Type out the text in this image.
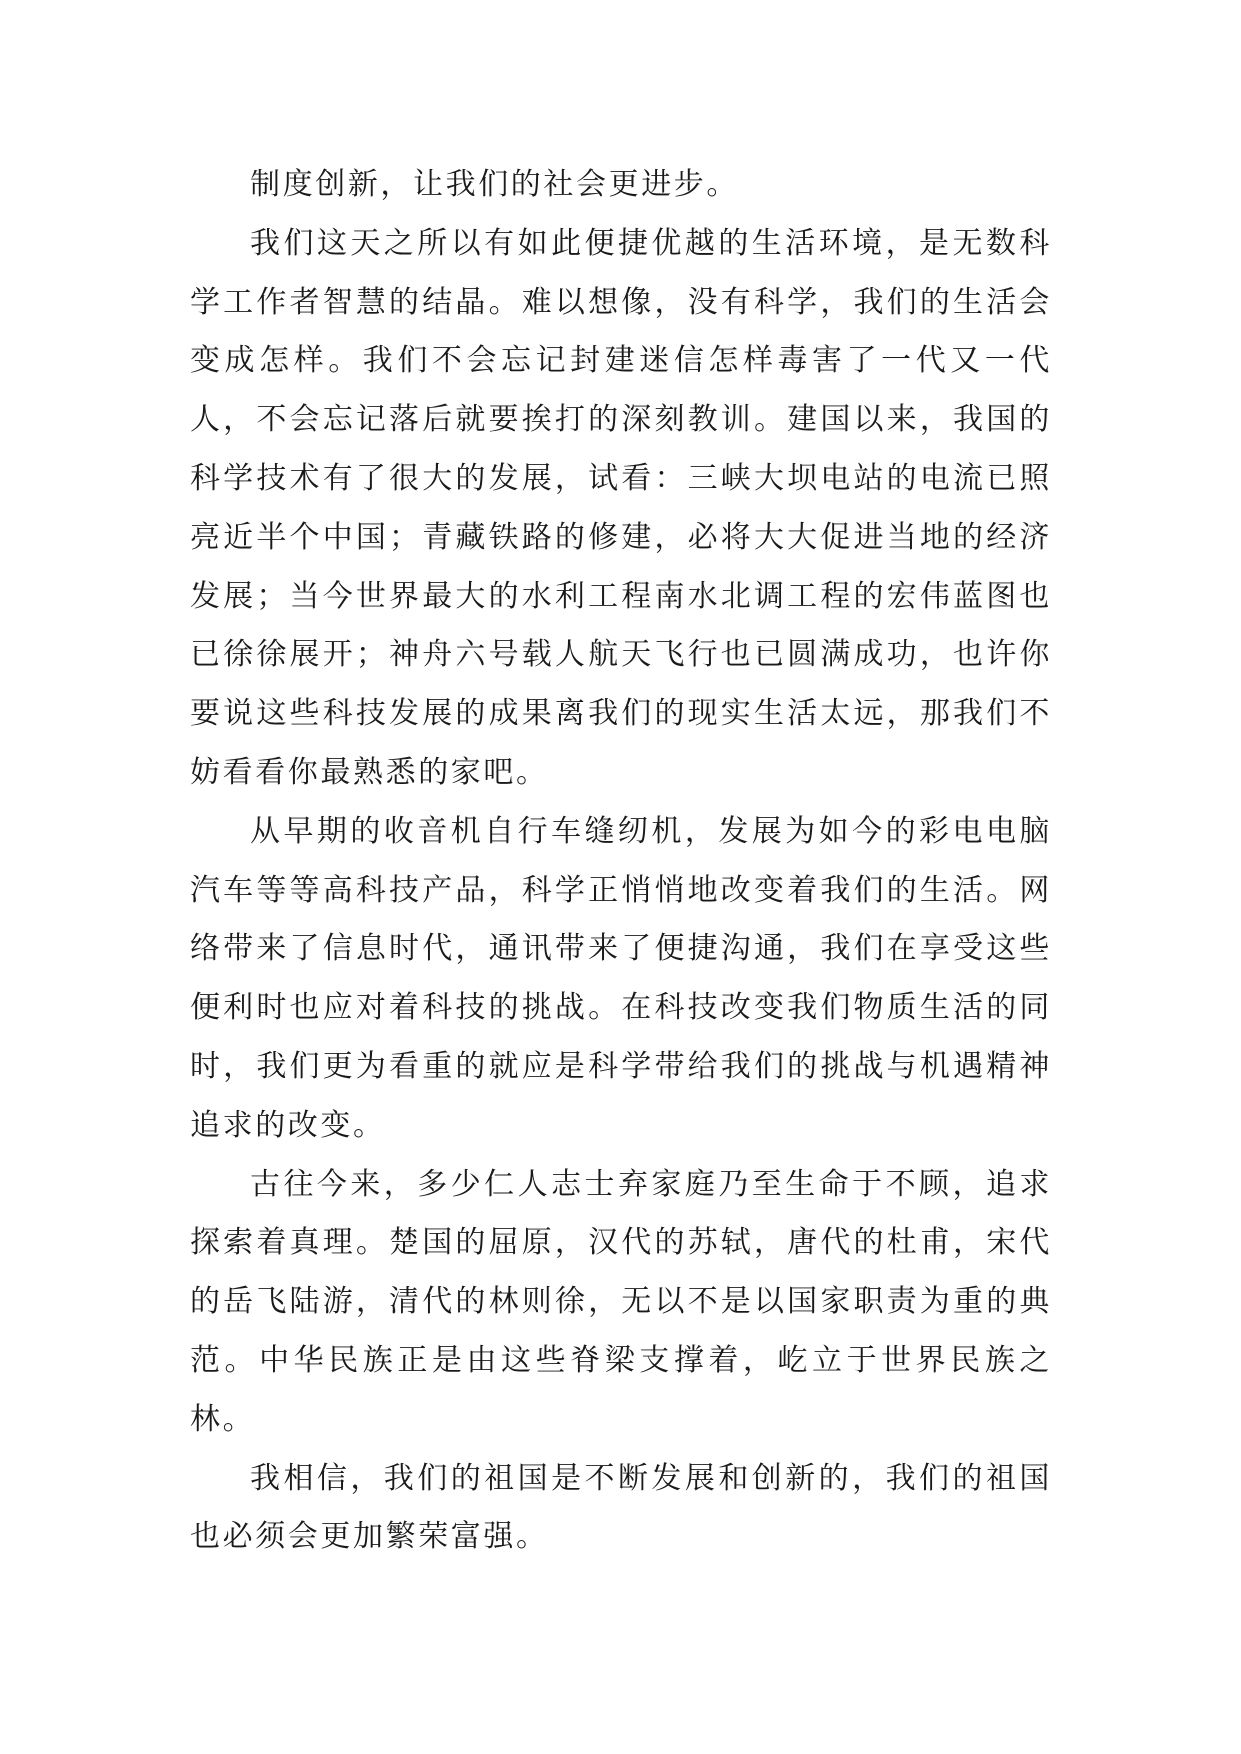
制度创新，让我们的社会更进步。

我们这天之所以有如此便捷优越的生活环境，是无数科学工作者智慧的结晶。难以想像，没有科学，我们的生活会变成怎样。我们不会忘记封建迷信怎样毒害了一代又一代人，不会忘记落后就要挨打的深刻教训。建国以来，我国的科学技术有了很大的发展，试看：三峡大坝电站的电流已照亮近半个中国；青藏铁路的修建，必将大大促进当地的经济发展；当今世界最大的水利工程南水北调工程的宏伟蓝图也已徐徐展开；神舟六号载人航天飞行也已圆满成功，也许你要说这些科技发展的成果离我们的现实生活太远，那我们不妨看看你最熟悉的家吧。

从早期的收音机自行车缝纫机，发展为如今的彩电电脑汽车等等高科技产品，科学正悄悄地改变着我们的生活。网络带来了信息时代，通讯带来了便捷沟通，我们在享受这些便利时也应对着科技的挑战。在科技改变我们物质生活的同时，我们更为看重的就应是科学带给我们的挑战与机遇精神追求的改变。

古往今来，多少仁人志士弃家庭乃至生命于不顾，追求探索着真理。楚国的屈原，汉代的苏轼，唐代的杜甫，宋代的岳飞陆游，清代的林则徐，无以不是以国家职责为重的典范。中华民族正是由这些脊梁支撑着，屹立于世界民族之林。

我相信，我们的祖国是不断发展和创新的，我们的祖国也必须会更加繁荣富强。
